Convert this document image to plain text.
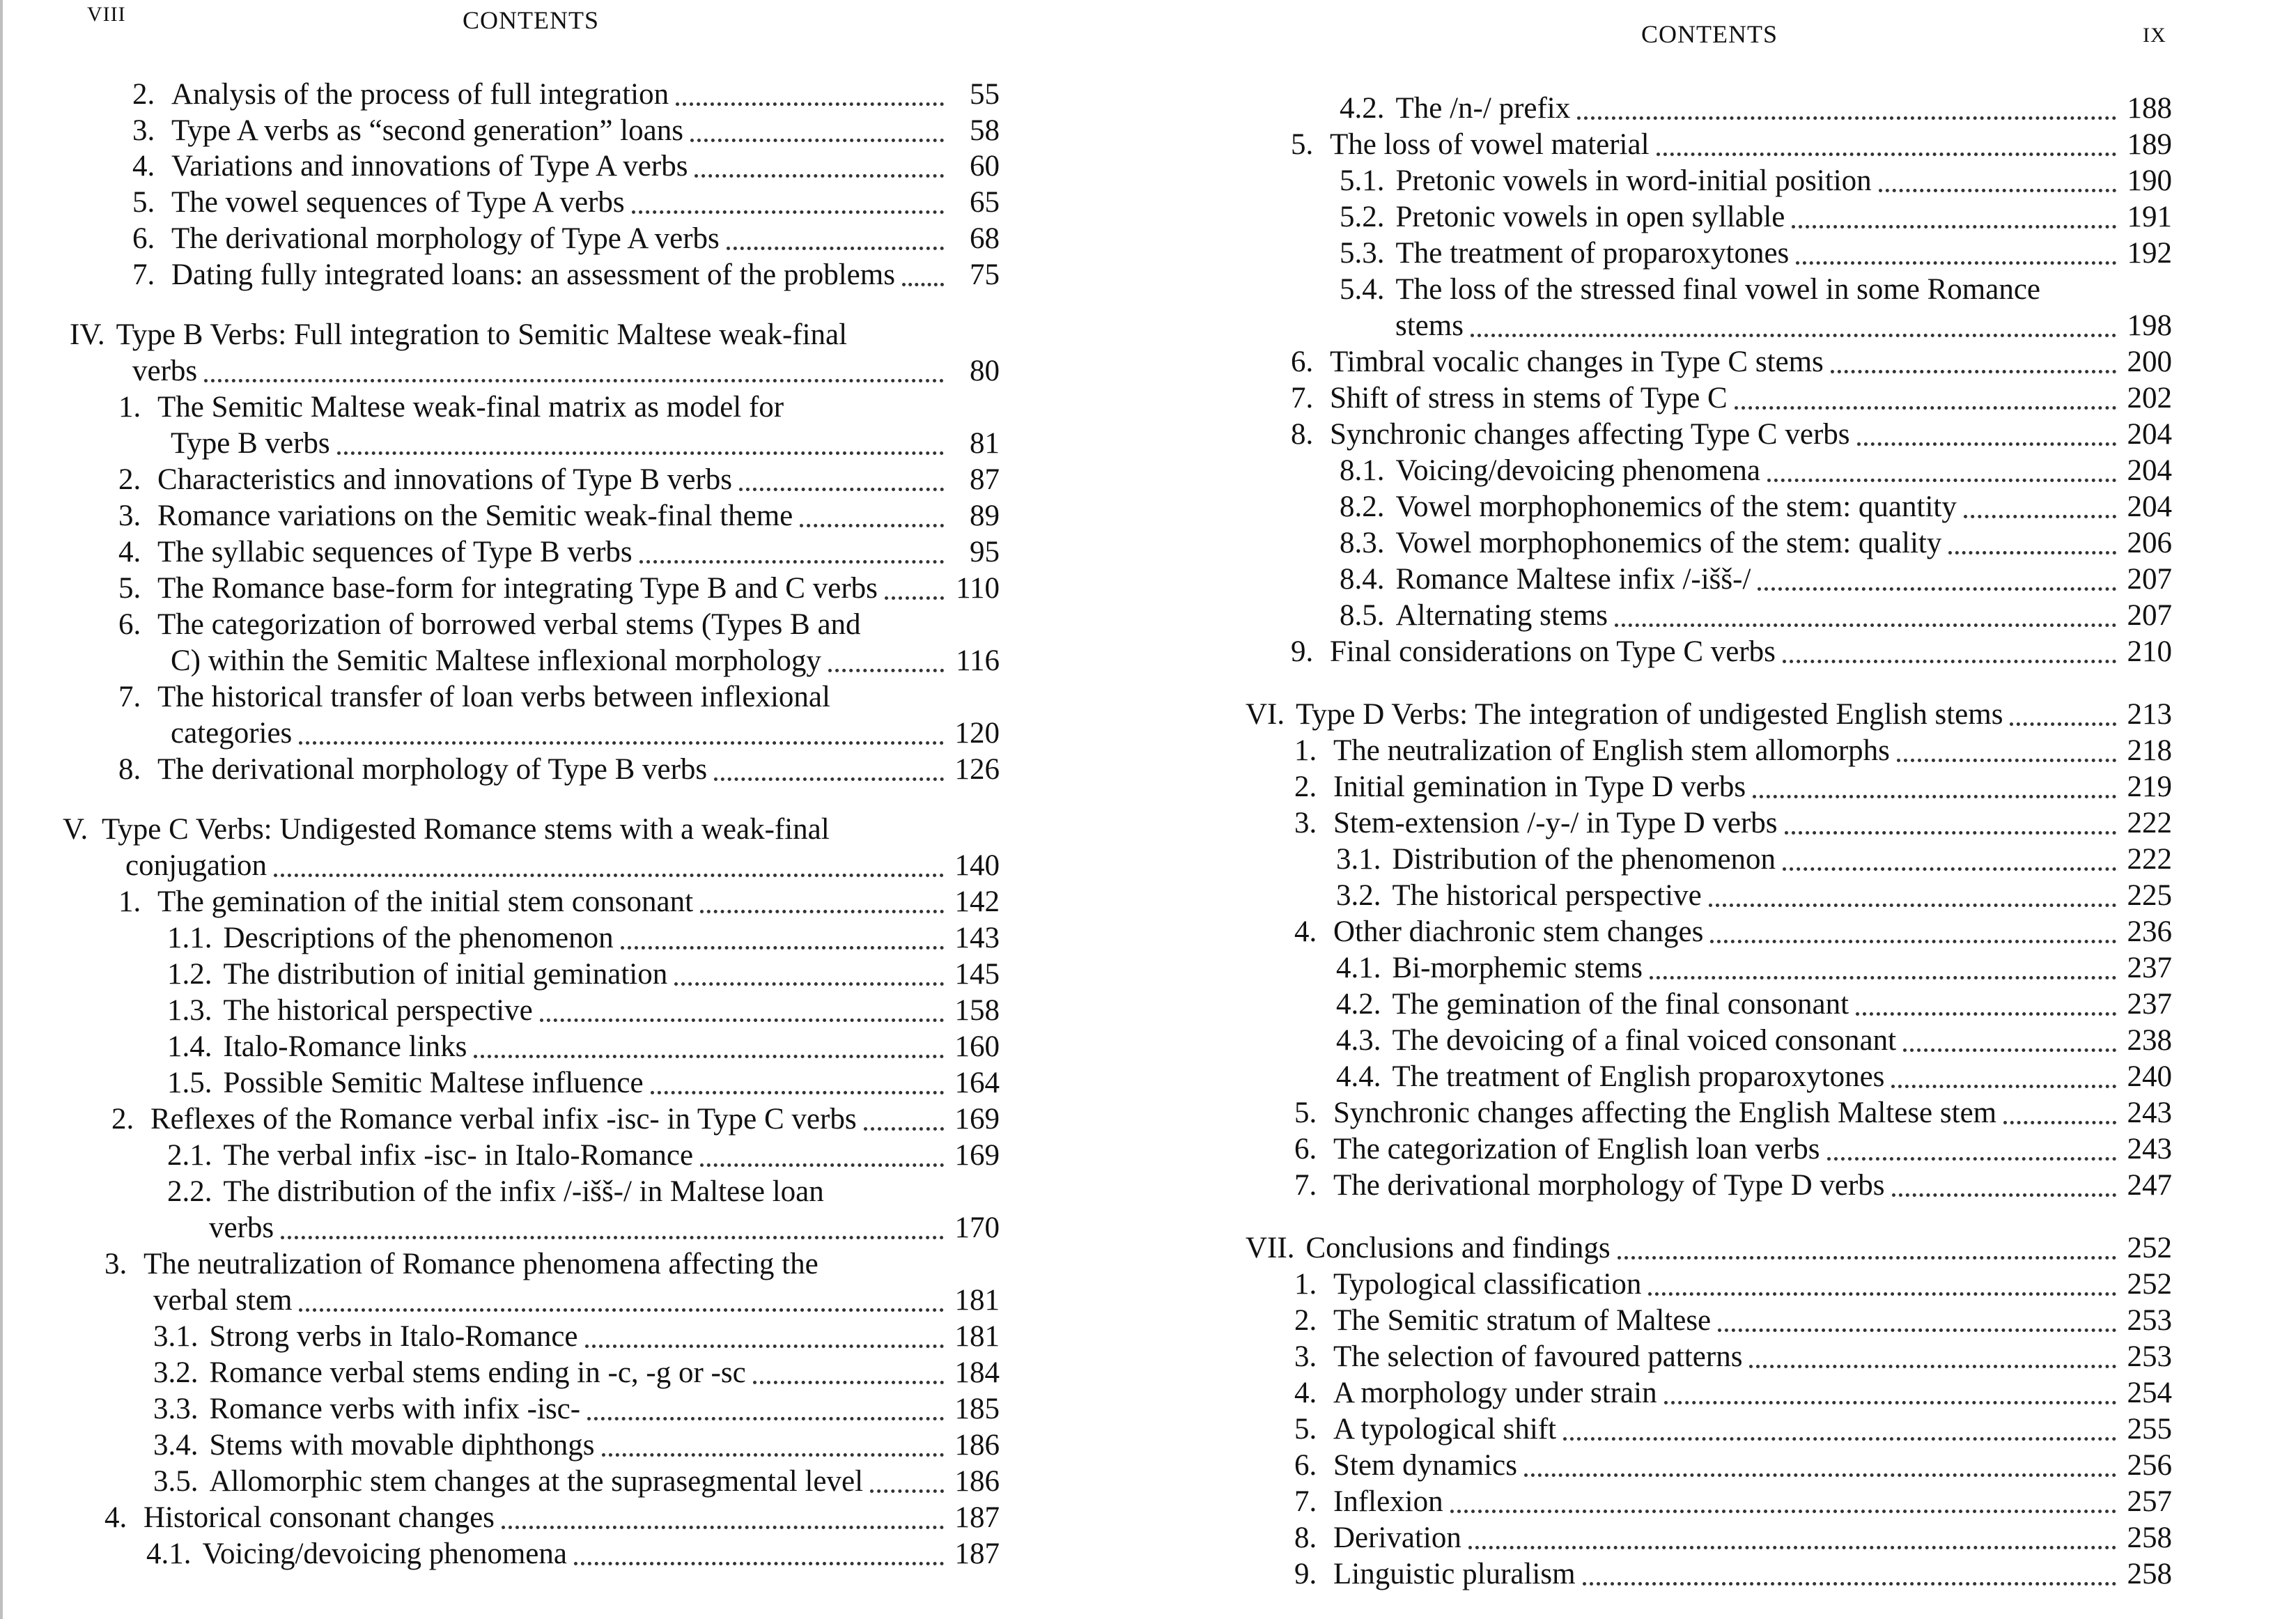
VIII	CONTENTS
2. Analysis of the process of full integration	55
3. Type A verbs as “second generation” loans	58
4. Variations and innovations of Type A verbs	60
5. The vowel sequences of Type A verbs	65
6. The derivational morphology of Type A verbs	68
7. Dating fully integrated loans: an assessment of the problems	75
IV. Type B Verbs: Full integration to Semitic Maltese weak-final
verbs	80
1. The Semitic Maltese weak-final matrix as model for
Type B verbs	81
2. Characteristics and innovations of Type B verbs	87
3. Romance variations on the Semitic weak-final theme	89
4. The syllabic sequences of Type B verbs	95
5. The Romance base-form for integrating Type B and C verbs	110
6. The categorization of borrowed verbal stems (Types B and
C) within the Semitic Maltese inflexional morphology	116
7. The historical transfer of loan verbs between inflexional
categories	120
8. The derivational morphology of Type B verbs	126
V. Type C Verbs: Undigested Romance stems with a weak-final
conjugation	140
1. The gemination of the initial stem consonant	142
1.1. Descriptions of the phenomenon	143
1.2. The distribution of initial gemination	145
1.3. The historical perspective	158
1.4. Italo-Romance links	160
1.5. Possible Semitic Maltese influence	164
2. Reflexes of the Romance verbal infix -isc- in Type C verbs	169
2.1. The verbal infix -isc- in Italo-Romance	169
2.2. The distribution of the infix /-išš-/ in Maltese loan
verbs	170
3. The neutralization of Romance phenomena affecting the
verbal stem	181
3.1. Strong verbs in Italo-Romance	181
3.2. Romance verbal stems ending in -c, -g or -sc	184
3.3. Romance verbs with infix -isc-	185
3.4. Stems with movable diphthongs	186
3.5. Allomorphic stem changes at the suprasegmental level	186
4. Historical consonant changes	187
4.1. Voicing/devoicing phenomena	187
CONTENTS	IX
4.2. The /n-/ prefix	188
5. The loss of vowel material	189
5.1. Pretonic vowels in word-initial position	190
5.2. Pretonic vowels in open syllable	191
5.3. The treatment of proparoxytones	192
5.4. The loss of the stressed final vowel in some Romance
stems	198
6. Timbral vocalic changes in Type C stems	200
7. Shift of stress in stems of Type C	202
8. Synchronic changes affecting Type C verbs	204
8.1. Voicing/devoicing phenomena	204
8.2. Vowel morphophonemics of the stem: quantity	204
8.3. Vowel morphophonemics of the stem: quality	206
8.4. Romance Maltese infix /-išš-/	207
8.5. Alternating stems	207
9. Final considerations on Type C verbs	210
VI. Type D Verbs: The integration of undigested English stems	213
1. The neutralization of English stem allomorphs	218
2. Initial gemination in Type D verbs	219
3. Stem-extension /-y-/ in Type D verbs	222
3.1. Distribution of the phenomenon	222
3.2. The historical perspective	225
4. Other diachronic stem changes	236
4.1. Bi-morphemic stems	237
4.2. The gemination of the final consonant	237
4.3. The devoicing of a final voiced consonant	238
4.4. The treatment of English proparoxytones	240
5. Synchronic changes affecting the English Maltese stem	243
6. The categorization of English loan verbs	243
7. The derivational morphology of Type D verbs	247
VII. Conclusions and findings	252
1. Typological classification	252
2. The Semitic stratum of Maltese	253
3. The selection of favoured patterns	253
4. A morphology under strain	254
5. A typological shift	255
6. Stem dynamics	256
7. Inflexion	257
8. Derivation	258
9. Linguistic pluralism	258
